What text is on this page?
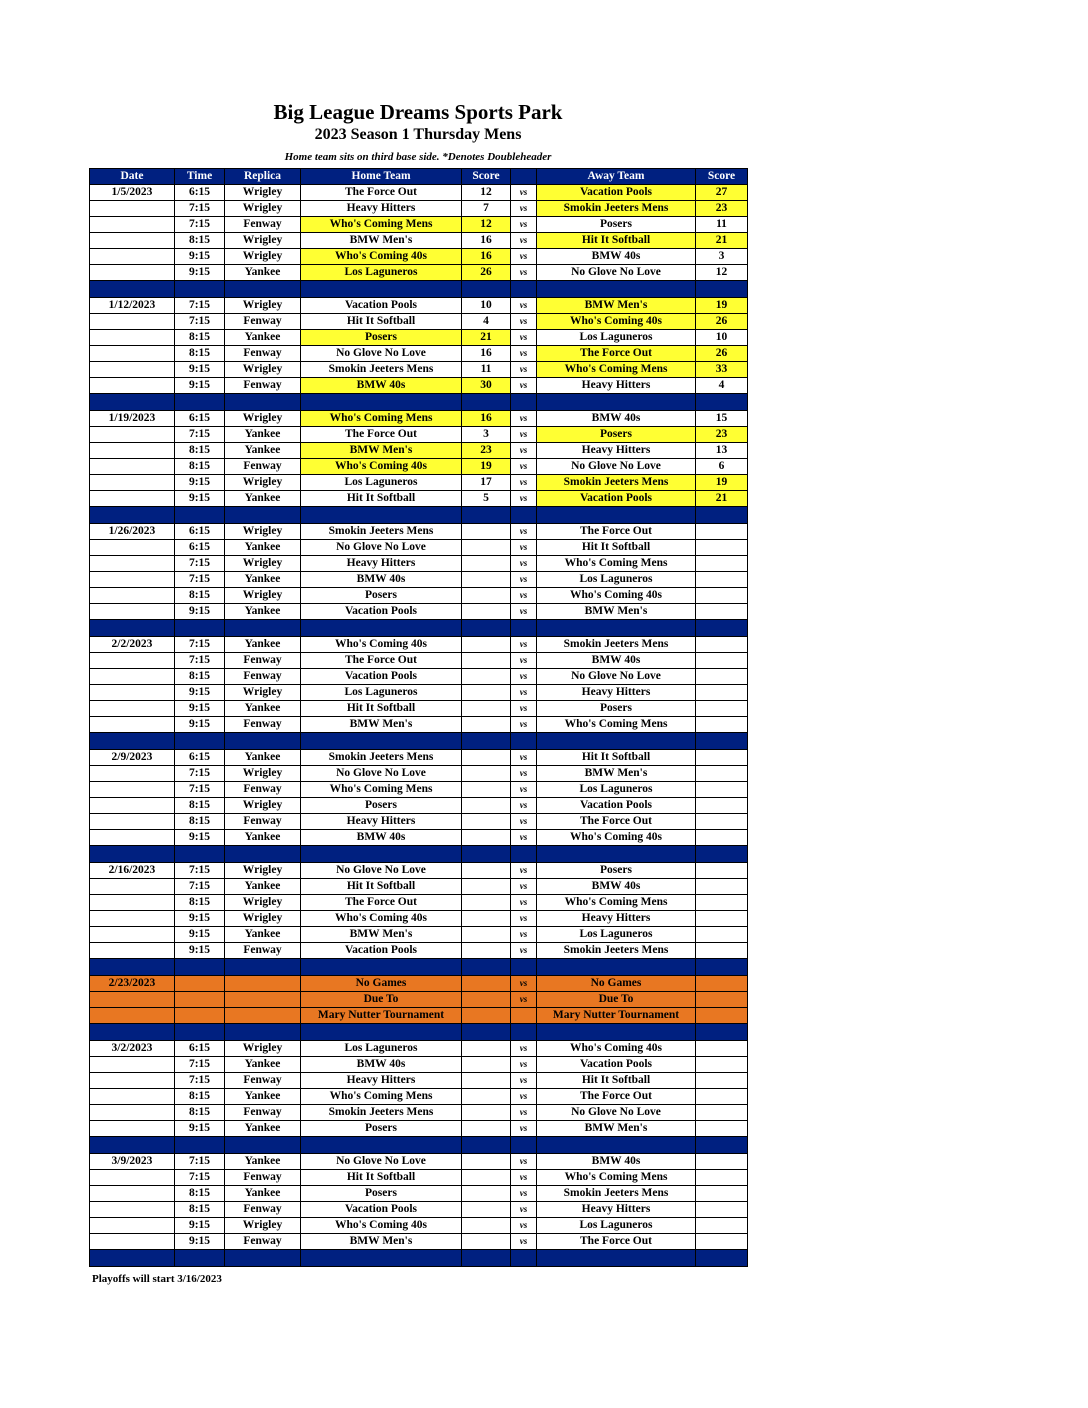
Big League Dreams Sports Park
2023 Season 1 Thursday Mens
Home team sits on third base side. *Denotes Doubleheader
Date	Time	Replica	Home Team	Score		Away Team	Score
1/5/2023	6:15	Wrigley	The Force Out	12	vs	Vacation Pools	27
	7:15	Wrigley	Heavy Hitters	7	vs	Smokin Jeeters Mens	23
	7:15	Fenway	Who's Coming Mens	12	vs	Posers	11
	8:15	Wrigley	BMW Men's	16	vs	Hit It Softball	21
	9:15	Wrigley	Who's Coming 40s	16	vs	BMW 40s	3
	9:15	Yankee	Los Laguneros	26	vs	No Glove No Love	12

1/12/2023	7:15	Wrigley	Vacation Pools	10	vs	BMW Men's	19
	7:15	Fenway	Hit It Softball	4	vs	Who's Coming 40s	26
	8:15	Yankee	Posers	21	vs	Los Laguneros	10
	8:15	Fenway	No Glove No Love	16	vs	The Force Out	26
	9:15	Wrigley	Smokin Jeeters Mens	11	vs	Who's Coming Mens	33
	9:15	Fenway	BMW 40s	30	vs	Heavy Hitters	4

1/19/2023	6:15	Wrigley	Who's Coming Mens	16	vs	BMW 40s	15
	7:15	Yankee	The Force Out	3	vs	Posers	23
	8:15	Yankee	BMW Men's	23	vs	Heavy Hitters	13
	8:15	Fenway	Who's Coming 40s	19	vs	No Glove No Love	6
	9:15	Wrigley	Los Laguneros	17	vs	Smokin Jeeters Mens	19
	9:15	Yankee	Hit It Softball	5	vs	Vacation Pools	21

1/26/2023	6:15	Wrigley	Smokin Jeeters Mens		vs	The Force Out	
	6:15	Yankee	No Glove No Love		vs	Hit It Softball	
	7:15	Wrigley	Heavy Hitters		vs	Who's Coming Mens	
	7:15	Yankee	BMW 40s		vs	Los Laguneros	
	8:15	Wrigley	Posers		vs	Who's Coming 40s	
	9:15	Yankee	Vacation Pools		vs	BMW Men's	

2/2/2023	7:15	Yankee	Who's Coming 40s		vs	Smokin Jeeters Mens	
	7:15	Fenway	The Force Out		vs	BMW 40s	
	8:15	Fenway	Vacation Pools		vs	No Glove No Love	
	9:15	Wrigley	Los Laguneros		vs	Heavy Hitters	
	9:15	Yankee	Hit It Softball		vs	Posers	
	9:15	Fenway	BMW Men's		vs	Who's Coming Mens	

2/9/2023	6:15	Yankee	Smokin Jeeters Mens		vs	Hit It Softball	
	7:15	Wrigley	No Glove No Love		vs	BMW Men's	
	7:15	Fenway	Who's Coming Mens		vs	Los Laguneros	
	8:15	Wrigley	Posers		vs	Vacation Pools	
	8:15	Fenway	Heavy Hitters		vs	The Force Out	
	9:15	Yankee	BMW 40s		vs	Who's Coming 40s	

2/16/2023	7:15	Wrigley	No Glove No Love		vs	Posers	
	7:15	Yankee	Hit It Softball		vs	BMW 40s	
	8:15	Wrigley	The Force Out		vs	Who's Coming Mens	
	9:15	Wrigley	Who's Coming 40s		vs	Heavy Hitters	
	9:15	Yankee	BMW Men's		vs	Los Laguneros	
	9:15	Fenway	Vacation Pools		vs	Smokin Jeeters Mens	

2/23/2023			No Games		vs	No Games	
			Due To		vs	Due To	
			Mary Nutter Tournament			Mary Nutter Tournament	

3/2/2023	6:15	Wrigley	Los Laguneros		vs	Who's Coming 40s	
	7:15	Yankee	BMW 40s		vs	Vacation Pools	
	7:15	Fenway	Heavy Hitters		vs	Hit It Softball	
	8:15	Yankee	Who's Coming Mens		vs	The Force Out	
	8:15	Fenway	Smokin Jeeters Mens		vs	No Glove No Love	
	9:15	Yankee	Posers		vs	BMW Men's	

3/9/2023	7:15	Yankee	No Glove No Love		vs	BMW 40s	
	7:15	Fenway	Hit It Softball		vs	Who's Coming Mens	
	8:15	Yankee	Posers		vs	Smokin Jeeters Mens	
	8:15	Fenway	Vacation Pools		vs	Heavy Hitters	
	9:15	Wrigley	Who's Coming 40s		vs	Los Laguneros	
	9:15	Fenway	BMW Men's		vs	The Force Out	

Playoffs will start 3/16/2023
